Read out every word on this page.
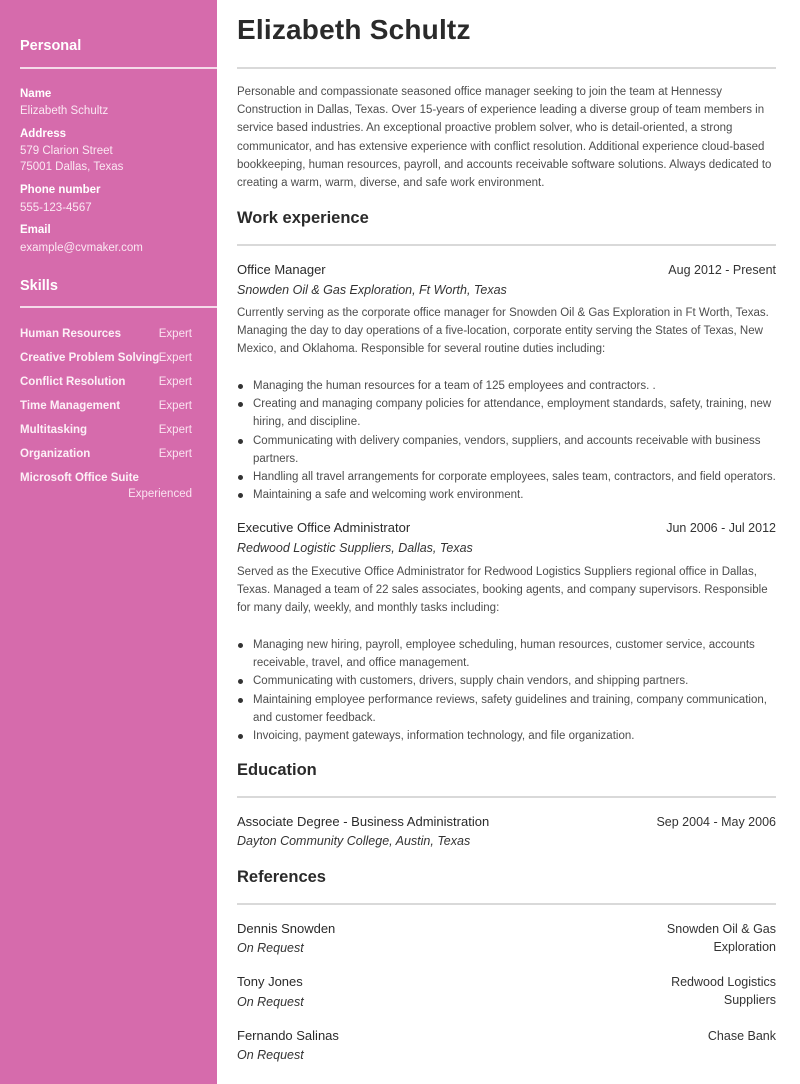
Personal
Name
Elizabeth Schultz
Address
579 Clarion Street
75001 Dallas, Texas
Phone number
555-123-4567
Email
example@cvmaker.com
Skills
Human Resources	Expert
Creative Problem Solving Expert
Conflict Resolution	Expert
Time Management	Expert
Multitasking	Expert
Organization	Expert
Microsoft Office Suite
Experienced
Elizabeth Schultz

Personable and compassionate seasoned office manager seeking to join the team at Hennessy Construction in Dallas, Texas. Over 15-years of experience leading a diverse group of team members in service based industries. An exceptional proactive problem solver, who is detail-oriented, a strong communicator, and has extensive experience with conflict resolution. Additional experience cloud-based bookkeeping, human resources, payroll, and accounts receivable software solutions. Always dedicated to creating a warm, warm, diverse, and safe work environment.

Work experience
Office Manager	Aug 2012 - Present
Snowden Oil & Gas Exploration, Ft Worth, Texas

Currently serving as the corporate office manager for Snowden Oil & Gas Exploration in Ft Worth, Texas. Managing the day to day operations of a five-location, corporate entity serving the States of Texas, New Mexico, and Oklahoma. Responsible for several routine duties including:

Managing the human resources for a team of 125 employees and contractors. .
Creating and managing company policies for attendance, employment standards, safety, training, new hiring, and discipline.
Communicating with delivery companies, vendors, suppliers, and accounts receivable with business partners.
Handling all travel arrangements for corporate employees, sales team, contractors, and field operators.
Maintaining a safe and welcoming work environment.
Executive Office Administrator	Jun 2006 - Jul 2012
Redwood Logistic Suppliers, Dallas, Texas

Served as the Executive Office Administrator for Redwood Logistics Suppliers regional office in Dallas, Texas. Managed a team of 22 sales associates, booking agents, and company supervisors. Responsible for many daily, weekly, and monthly tasks including:

Managing new hiring, payroll, employee scheduling, human resources, customer service, accounts receivable, travel, and office management.
Communicating with customers, drivers, supply chain vendors, and shipping partners.
Maintaining employee performance reviews, safety guidelines and training, company communication, and customer feedback.
Invoicing, payment gateways, information technology, and file organization.
Education
Associate Degree - Business Administration	Sep 2004 - May 2006
Dayton Community College, Austin, Texas
References
Dennis Snowden
On Request
Snowden Oil & Gas Exploration
Tony Jones
On Request
Redwood Logistics Suppliers
Fernando Salinas
On Request
Chase Bank
